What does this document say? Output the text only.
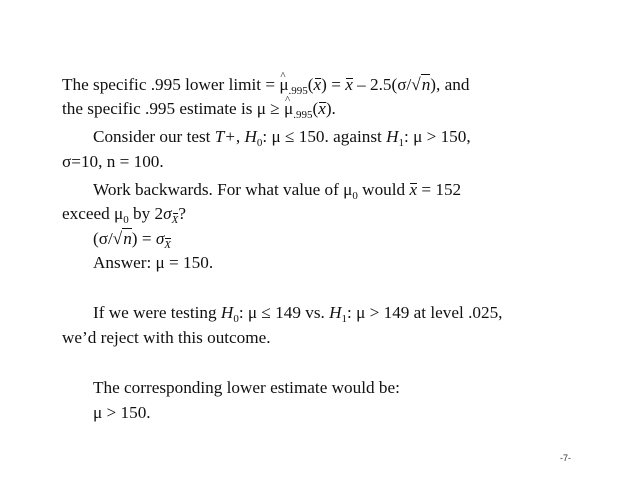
The specific .995 lower limit = ^ $\mu_{.995}(x) = x - 2.5(\sigma/√n)$, and
the specific .995 estimate is μ ≥ ^ $\mu_{.995}(x)$.
Consider our test T+, $H_0$: μ ≤ 150. against $H_1$: μ > 150,
σ=10, n = 100.
Work backwards. For what value of $\mu_0$ would x = 152
exceed $\mu_0$ by 2σX?
(σ/√n) = σX
Answer: μ = 150.
If we were testing $H_0$: μ ≤ 149 vs. $H_1$: μ > 149 at level .025,
we’d reject with this outcome.
The corresponding lower estimate would be:
μ > 150.
-7-
